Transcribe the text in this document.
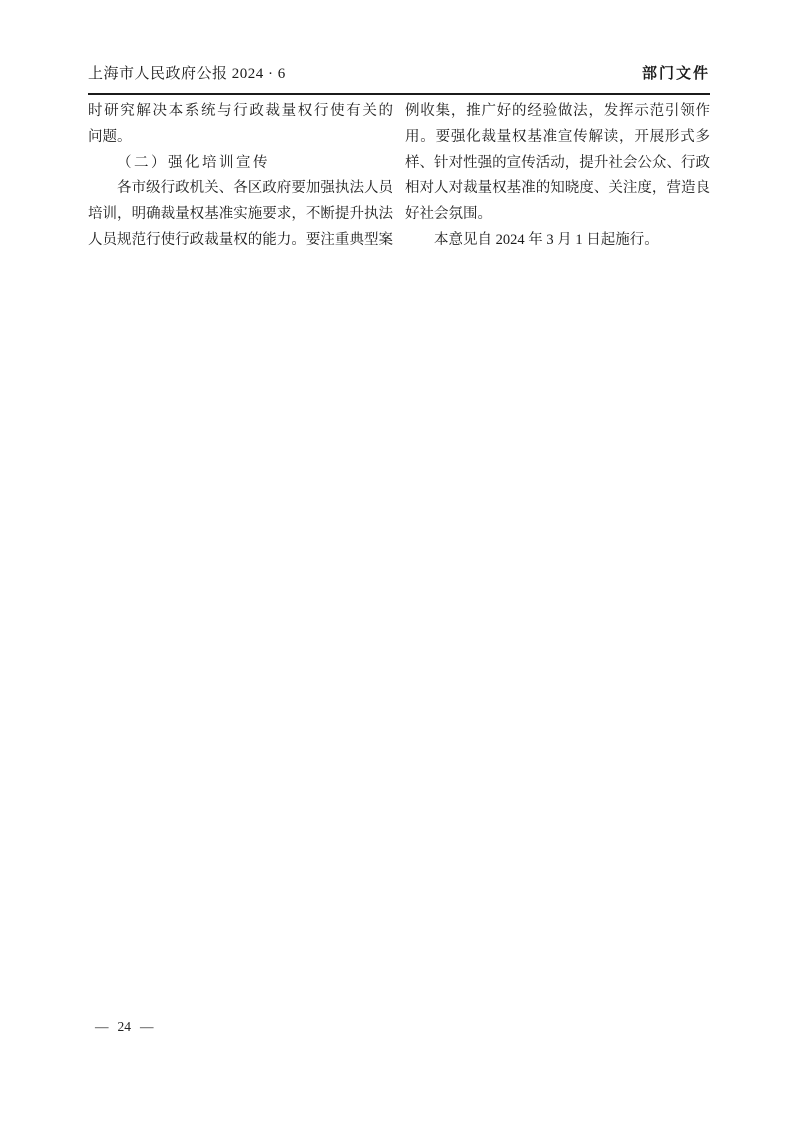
上海市人民政府公报 2024 · 6	部门文件
时研究解决本系统与行政裁量权行使有关的
问题。
（二）强化培训宣传
各市级行政机关、各区政府要加强执法人员
培训，明确裁量权基准实施要求，不断提升执法
人员规范行使行政裁量权的能力。要注重典型案
例收集，推广好的经验做法，发挥示范引领作
用。要强化裁量权基准宣传解读，开展形式多
样、针对性强的宣传活动，提升社会公众、行政
相对人对裁量权基准的知晓度、关注度，营造良
好社会氛围。
本意见自 2024 年 3 月 1 日起施行。
— 24 —
